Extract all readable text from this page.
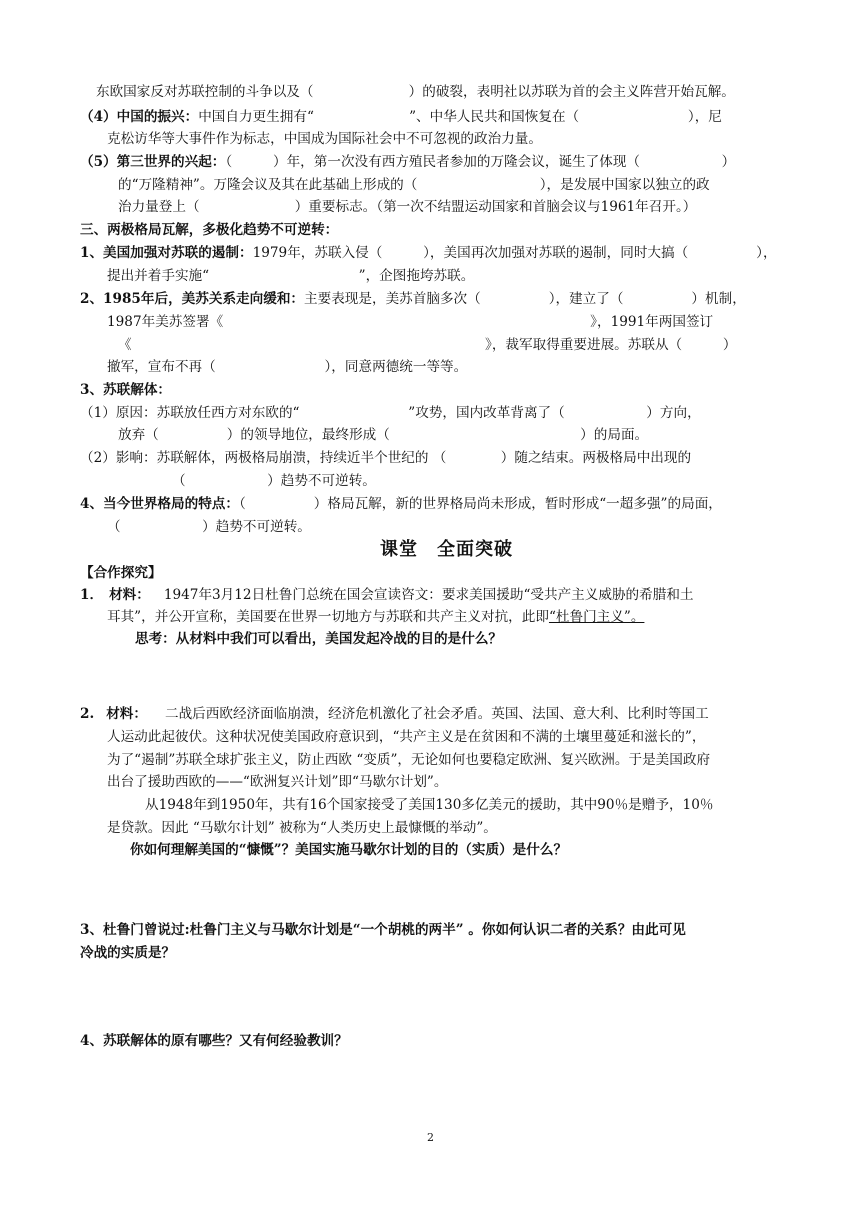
东欧国家反对苏联控制的斗争以及（　　　　　　　）的破裂，表明社以苏联为首的会主义阵营开始瓦解。
（4）中国的振兴：中国自力更生拥有“　　　　　　　”、中华人民共和国恢复在（　　　　　　　　），尼
克松访华等大事件作为标志，中国成为国际社会中不可忽视的政治力量。
（5）第三世界的兴起：（　　　）年，第一次没有西方殖民者参加的万隆会议，诞生了体现（　　　　　　）
的“万隆精神”。万隆会议及其在此基础上形成的（　　　　　　　　　），是发展中国家以独立的政
治力量登上（　　　　　　　）重要标志。（第一次不结盟运动国家和首脑会议与1961年召开。）
三、两极格局瓦解，多极化趋势不可逆转：
1、美国加强对苏联的遏制：1979年，苏联入侵（　　　），美国再次加强对苏联的遏制，同时大搞（　　　　　），
提出并着手实施“　　　　　　　　　　　”，企图拖垮苏联。
2、1985年后，美苏关系走向缓和：主要表现是，美苏首脑多次（　　　　　），建立了（　　　　　）机制，
1987年美苏签署《　　　　　　　　　　　　　　　　　　　　　　　　　　　》，1991年两国签订
《　　　　　　　　　　　　　　　　　　　　　　　　　　》，裁军取得重要进展。苏联从（　　　）
撤军，宣布不再（　　　　　　　　），同意两德统一等等。
3、苏联解体：
（1）原因：苏联放任西方对东欧的“　　　　　　　　”攻势，国内改革背离了（　　　　　　）方向，
放弃（　　　　　）的领导地位，最终形成（　　　　　　　　　　　　　　）的局面。
（2）影响：苏联解体，两极格局崩溃，持续近半个世纪的 （　　　　）随之结束。两极格局中出现的
（　　　　　　）趋势不可逆转。
4、当今世界格局的特点：（　　　　　）格局瓦解，新的世界格局尚未形成，暂时形成“一超多强”的局面，
（　　　　　　）趋势不可逆转。
课堂　全面突破
【合作探究】
1． 材料： 1947年3月12日杜鲁门总统在国会宣读咨文：要求美国援助“受共产主义威胁的希腊和土
耳其”，并公开宣称，美国要在世界一切地方与苏联和共产主义对抗，此即“杜鲁门主义”。
思考：从材料中我们可以看出，美国发起冷战的目的是什么？
2. 材料： 二战后西欧经济面临崩溃，经济危机激化了社会矛盾。英国、法国、意大利、比利时等国工
人运动此起彼伏。这种状况使美国政府意识到，“共产主义是在贫困和不满的土壤里蔓延和滋长的”，
为了“遏制”苏联全球扩张主义，防止西欧 “变质”，无论如何也要稳定欧洲、复兴欧洲。于是美国政府
出台了援助西欧的——“欧洲复兴计划”即“马歇尔计划”。
从1948年到1950年，共有16个国家接受了美国130多亿美元的援助，其中90％是赠予，10％
是贷款。因此 “马歇尔计划” 被称为“人类历史上最慷慨的举动”。
你如何理解美国的“慷慨”？美国实施马歇尔计划的目的（实质）是什么？
3、杜鲁门曾说过:杜鲁门主义与马歇尔计划是“一个胡桃的两半” 。你如何认识二者的关系？由此可见
冷战的实质是？
4、苏联解体的原有哪些？又有何经验教训？
2
